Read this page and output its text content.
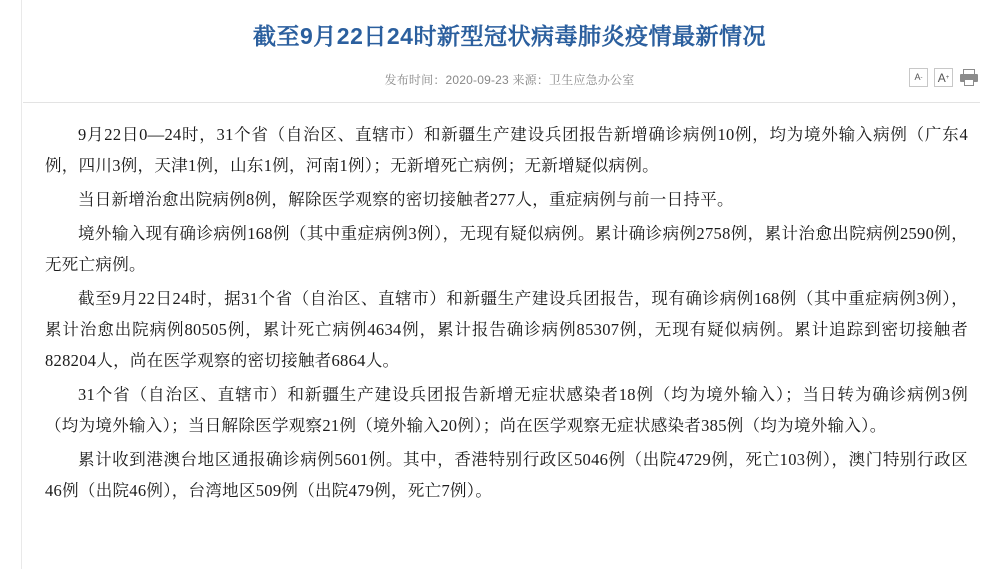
截至9月22日24时新型冠状病毒肺炎疫情最新情况
发布时间：2020-09-23 来源：卫生应急办公室	A - A +

9月22日0—24时，31个省（自治区、直辖市）和新疆生产建设兵团报告新增确诊病例10例，均为境外输入病例（广东4例，四川3例，天津1例，山东1例，河南1例）；无新增死亡病例；无新增疑似病例。

当日新增治愈出院病例8例，解除医学观察的密切接触者277人，重症病例与前一日持平。

境外输入现有确诊病例168例（其中重症病例3例），无现有疑似病例。累计确诊病例2758例，累计治愈出院病例2590例，无死亡病例。

截至9月22日24时，据31个省（自治区、直辖市）和新疆生产建设兵团报告，现有确诊病例168例（其中重症病例3例），累计治愈出院病例80505例，累计死亡病例4634例，累计报告确诊病例85307例，无现有疑似病例。累计追踪到密切接触者828204人，尚在医学观察的密切接触者6864人。

31个省（自治区、直辖市）和新疆生产建设兵团报告新增无症状感染者18例（均为境外输入）；当日转为确诊病例3例（均为境外输入）；当日解除医学观察21例（境外输入20例）；尚在医学观察无症状感染者385例（均为境外输入）。

累计收到港澳台地区通报确诊病例5601例。其中，香港特别行政区5046例（出院4729例，死亡103例），澳门特别行政区46例（出院46例），台湾地区509例（出院479例，死亡7例）。
